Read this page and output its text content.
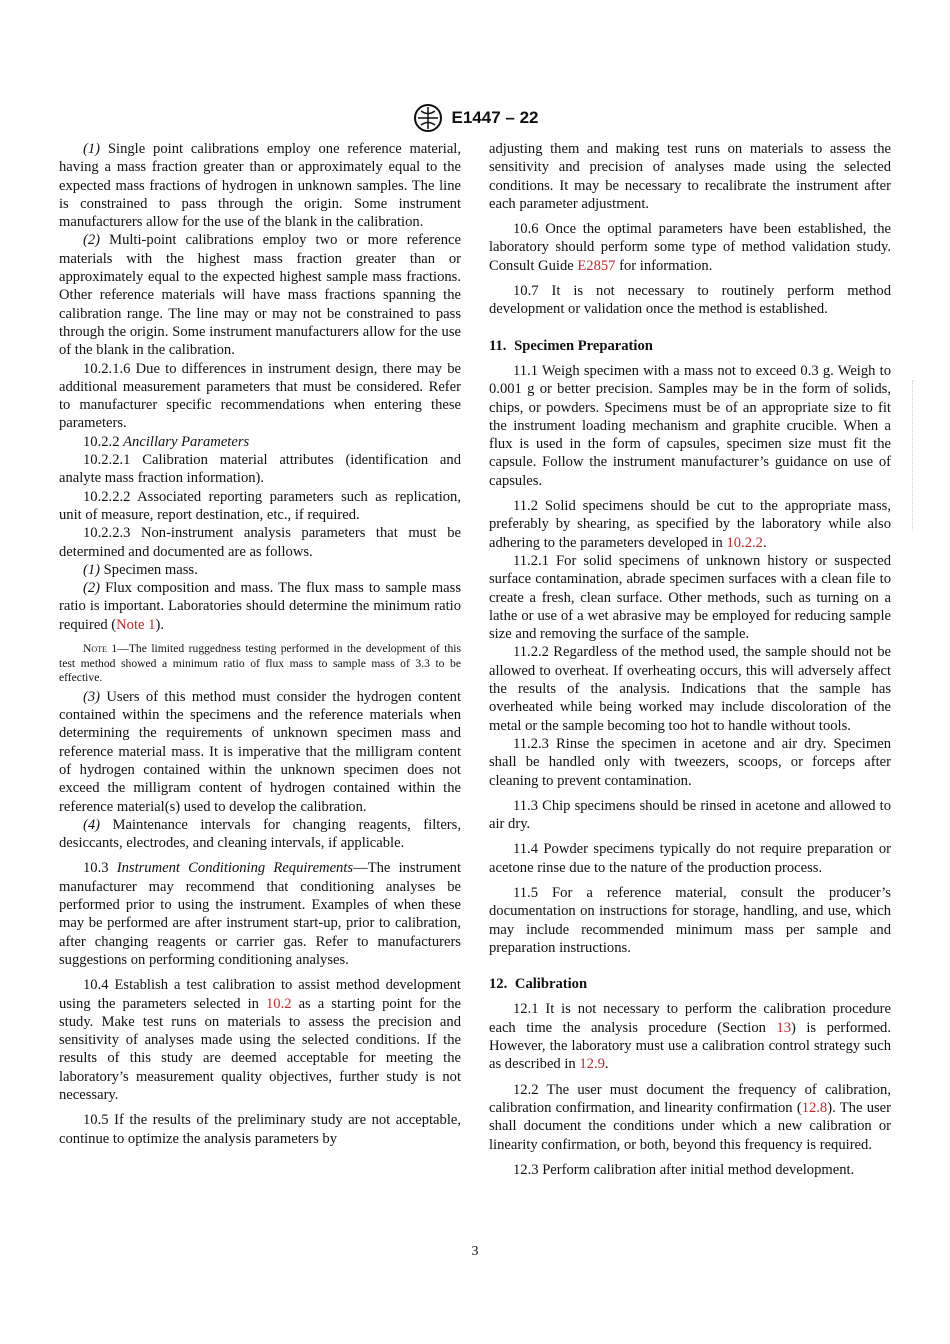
E1447 – 22

(1) Single point calibrations employ one reference material, having a mass fraction greater than or approximately equal to the expected mass fractions of hydrogen in unknown samples. The line is constrained to pass through the origin. Some instrument manufacturers allow for the use of the blank in the calibration.

(2) Multi-point calibrations employ two or more reference materials with the highest mass fraction greater than or approximately equal to the expected highest sample mass fractions. Other reference materials will have mass fractions spanning the calibration range. The line may or may not be constrained to pass through the origin. Some instrument manufacturers allow for the use of the blank in the calibration.

10.2.1.6 Due to differences in instrument design, there may be additional measurement parameters that must be considered. Refer to manufacturer specific recommendations when entering these parameters.

10.2.2 Ancillary Parameters

10.2.2.1 Calibration material attributes (identification and analyte mass fraction information).

10.2.2.2 Associated reporting parameters such as replication, unit of measure, report destination, etc., if required.

10.2.2.3 Non-instrument analysis parameters that must be determined and documented are as follows.

(1) Specimen mass.

(2) Flux composition and mass. The flux mass to sample mass ratio is important. Laboratories should determine the minimum ratio required (Note 1).

Note 1—The limited ruggedness testing performed in the development of this test method showed a minimum ratio of flux mass to sample mass of 3.3 to be effective.

(3) Users of this method must consider the hydrogen content contained within the specimens and the reference materials when determining the requirements of unknown specimen mass and reference material mass. It is imperative that the milligram content of hydrogen contained within the unknown specimen does not exceed the milligram content of hydrogen contained within the reference material(s) used to develop the calibration.

(4) Maintenance intervals for changing reagents, filters, desiccants, electrodes, and cleaning intervals, if applicable.

10.3 Instrument Conditioning Requirements—The instrument manufacturer may recommend that conditioning analyses be performed prior to using the instrument. Examples of when these may be performed are after instrument start-up, prior to calibration, after changing reagents or carrier gas. Refer to manufacturers suggestions on performing conditioning analyses.

10.4 Establish a test calibration to assist method development using the parameters selected in 10.2 as a starting point for the study. Make test runs on materials to assess the precision and sensitivity of analyses made using the selected conditions. If the results of this study are deemed acceptable for meeting the laboratory’s measurement quality objectives, further study is not necessary.

10.5 If the results of the preliminary study are not acceptable, continue to optimize the analysis parameters by

adjusting them and making test runs on materials to assess the sensitivity and precision of analyses made using the selected conditions. It may be necessary to recalibrate the instrument after each parameter adjustment.

10.6 Once the optimal parameters have been established, the laboratory should perform some type of method validation study. Consult Guide E2857 for information.

10.7 It is not necessary to routinely perform method development or validation once the method is established.

11. Specimen Preparation

11.1 Weigh specimen with a mass not to exceed 0.3 g. Weigh to 0.001 g or better precision. Samples may be in the form of solids, chips, or powders. Specimens must be of an appropriate size to fit the instrument loading mechanism and graphite crucible. When a flux is used in the form of capsules, specimen size must fit the capsule. Follow the instrument manufacturer’s guidance on use of capsules.

11.2 Solid specimens should be cut to the appropriate mass, preferably by shearing, as specified by the laboratory while also adhering to the parameters developed in 10.2.2.

11.2.1 For solid specimens of unknown history or suspected surface contamination, abrade specimen surfaces with a clean file to create a fresh, clean surface. Other methods, such as turning on a lathe or use of a wet abrasive may be employed for reducing sample size and removing the surface of the sample.

11.2.2 Regardless of the method used, the sample should not be allowed to overheat. If overheating occurs, this will adversely affect the results of the analysis. Indications that the sample has overheated while being worked may include discoloration of the metal or the sample becoming too hot to handle without tools.

11.2.3 Rinse the specimen in acetone and air dry. Specimen shall be handled only with tweezers, scoops, or forceps after cleaning to prevent contamination.

11.3 Chip specimens should be rinsed in acetone and allowed to air dry.

11.4 Powder specimens typically do not require preparation or acetone rinse due to the nature of the production process.

11.5 For a reference material, consult the producer’s documentation on instructions for storage, handling, and use, which may include recommended minimum mass per sample and preparation instructions.

12. Calibration

12.1 It is not necessary to perform the calibration procedure each time the analysis procedure (Section 13) is performed. However, the laboratory must use a calibration control strategy such as described in 12.9.

12.2 The user must document the frequency of calibration, calibration confirmation, and linearity confirmation (12.8). The user shall document the conditions under which a new calibration or linearity confirmation, or both, beyond this frequency is required.

12.3 Perform calibration after initial method development.

3
